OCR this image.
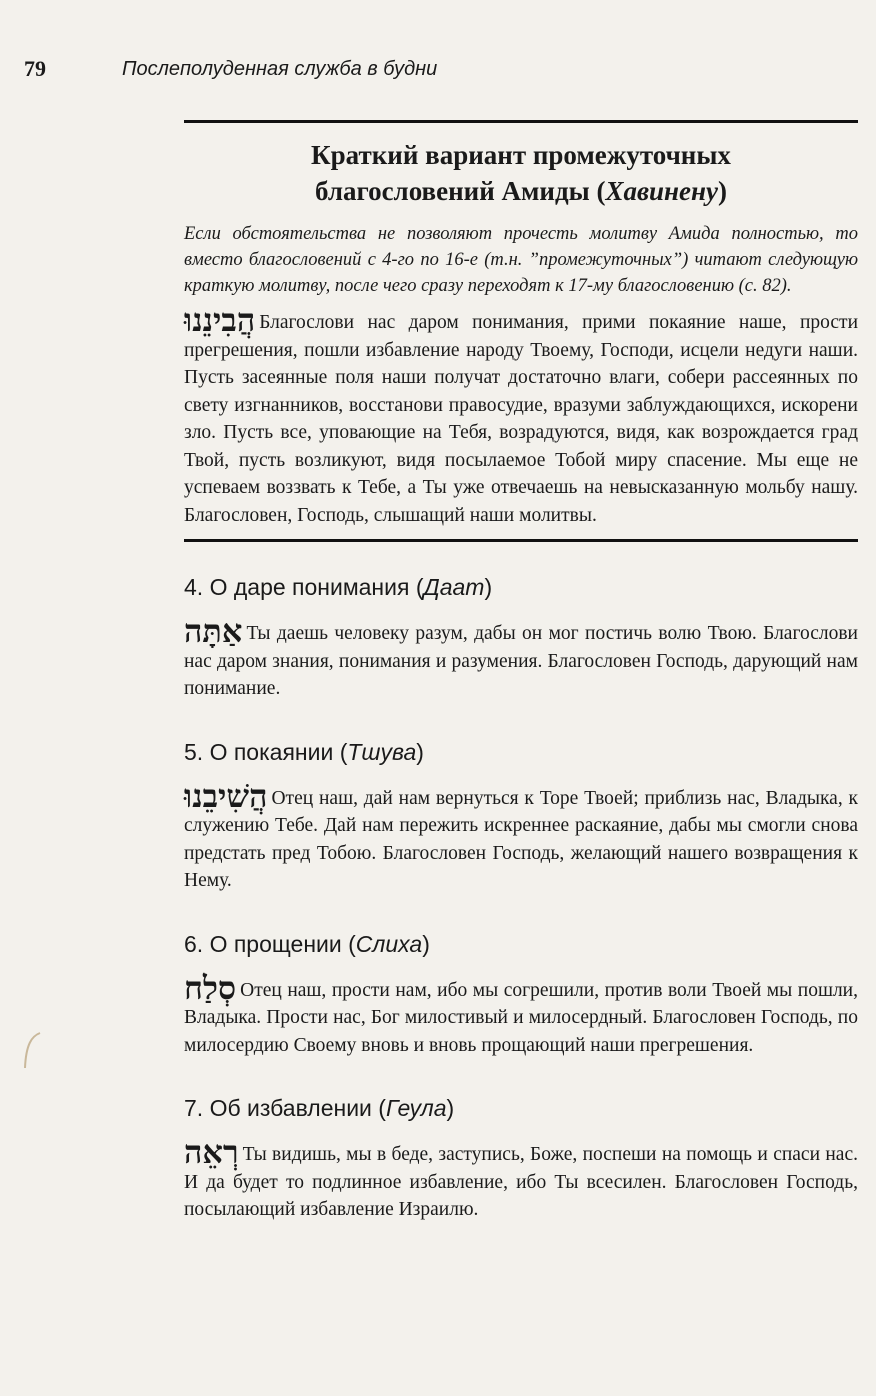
79	Послеполуденная служба в будни
Краткий вариант промежуточных
благословений Амиды (Хавинену)

Если обстоятельства не позволяют прочесть молитву Амида полностью, то вместо благословений с 4-го по 16-е (т.н. ”промежуточных”) читают следующую краткую молитву, после чего сразу переходят к 17-му благословению (с. 82).

הֲבִינֵנוּ Благослови нас даром понимания, прими покаяние наше, прости прегрешения, пошли избавление народу Твоему, Господи, исцели недуги наши. Пусть засеянные поля наши получат достаточно влаги, собери рассеянных по свету изгнанников, восстанови правосудие, вразуми заблуждающихся, искорени зло. Пусть все, уповающие на Тебя, возрадуются, видя, как возрождается град Твой, пусть возликуют, видя посылаемое Тобой миру спасение. Мы еще не успеваем воззвать к Тебе, а Ты уже отвечаешь на невысказанную мольбу нашу. Благословен, Господь, слышащий наши молитвы.

4. О даре понимания (Даат)

אַתָּה Ты даешь человеку разум, дабы он мог постичь волю Твою. Благослови нас даром знания, понимания и разумения. Благословен Господь, дарующий нам понимание.

5. О покаянии (Тшува)

הֲשִׁיבֵנוּ Отец наш, дай нам вернуться к Торе Твоей; приблизь нас, Владыка, к служению Тебе. Дай нам пережить искреннее раскаяние, дабы мы смогли снова предстать пред Тобою. Благословен Господь, желающий нашего возвращения к Нему.

6. О прощении (Слиха)

סְלַח Отец наш, прости нам, ибо мы согрешили, против воли Твоей мы пошли, Владыка. Прости нас, Бог милостивый и милосердный. Благословен Господь, по милосердию Своему вновь и вновь прощающий наши прегрешения.

7. Об избавлении (Геула)

רְאֵה Ты видишь, мы в беде, заступись, Боже, поспеши на помощь и спаси нас. И да будет то подлинное избавление, ибо Ты всесилен. Благословен Господь, посылающий избавление Израилю.
